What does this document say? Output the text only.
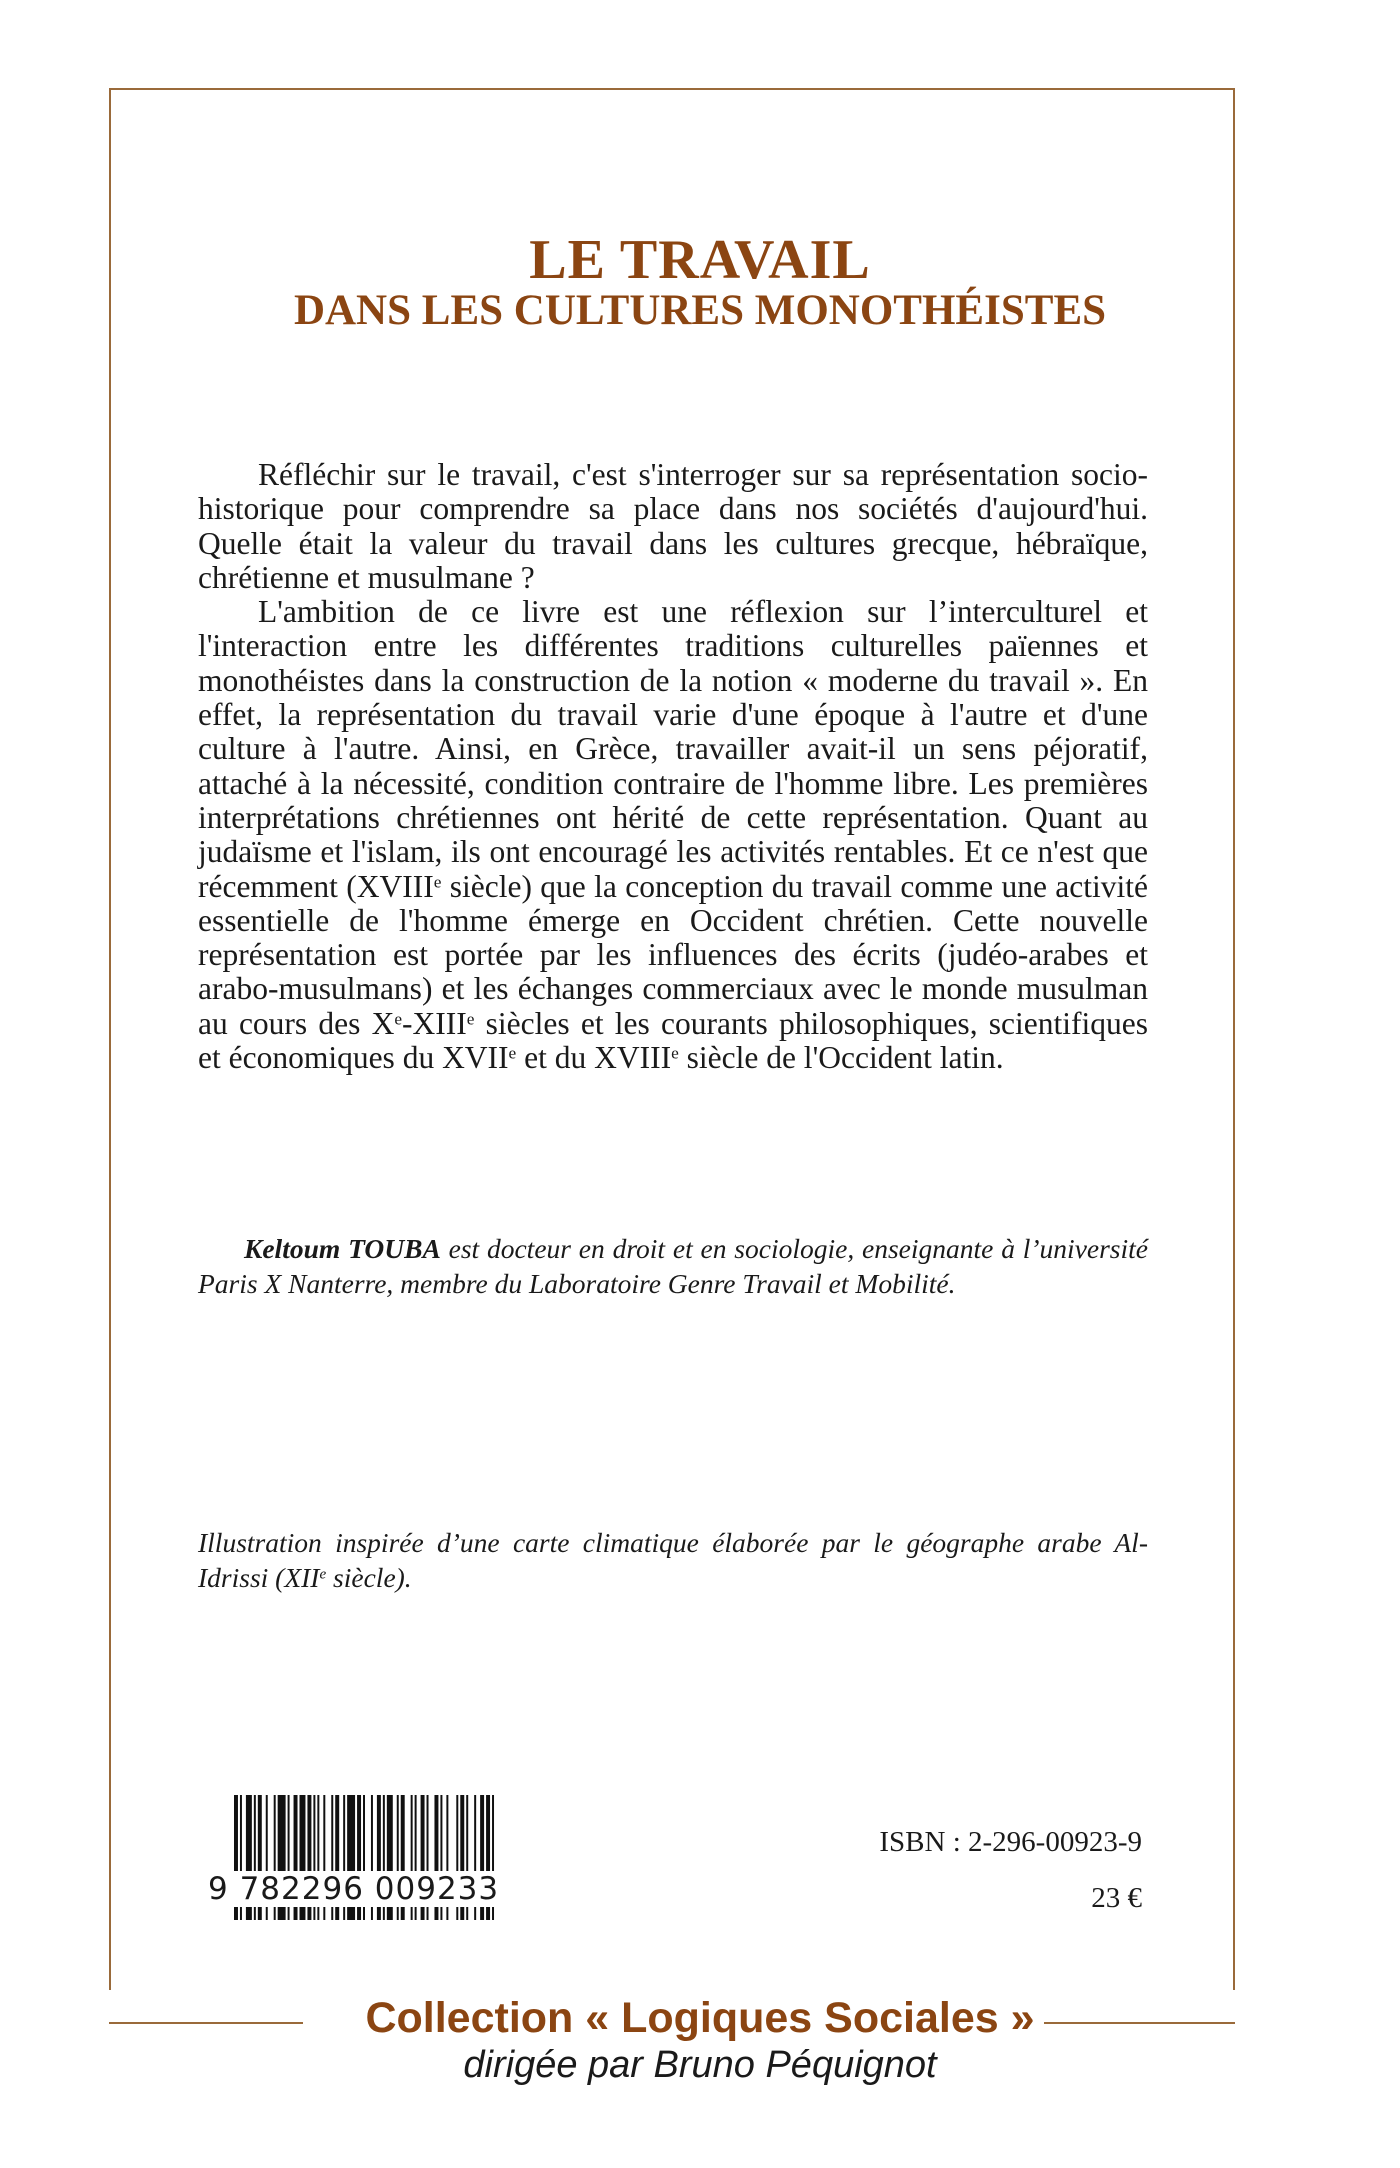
LE TRAVAIL
DANS LES CULTURES MONOTHÉISTES

Réfléchir sur le travail, c'est s'interroger sur sa représentation socio-historique pour comprendre sa place dans nos sociétés d'aujourd'hui. Quelle était la valeur du travail dans les cultures grecque, hébraïque, chrétienne et musulmane ?

L'ambition de ce livre est une réflexion sur l’interculturel et l'interaction entre les différentes traditions culturelles païennes et monothéistes dans la construction de la notion « moderne du travail ». En effet, la représentation du travail varie d'une époque à l'autre et d'une culture à l'autre. Ainsi, en Grèce, travailler avait-il un sens péjoratif, attaché à la nécessité, condition contraire de l'homme libre. Les premières interprétations chrétiennes ont hérité de cette représentation. Quant au judaïsme et l'islam, ils ont encouragé les activités rentables. Et ce n'est que récemment (XVIIIe siècle) que la conception du travail comme une activité essentielle de l'homme émerge en Occident chrétien. Cette nouvelle représentation est portée par les influences des écrits (judéo-arabes et arabo-musulmans) et les échanges commerciaux avec le monde musulman au cours des Xe-XIIIe siècles et les courants philosophiques, scientifiques et économiques du XVIIe et du XVIIIe siècle de l'Occident latin.

Keltoum TOUBA est docteur en droit et en sociologie, enseignante à l’université Paris X Nanterre, membre du Laboratoire Genre Travail et Mobilité.
Illustration inspirée d’une carte climatique élaborée par le géographe arabe Al-Idrissi (XIIe siècle).
9 782296 009233
ISBN : 2-296-00923-9
23 €
Collection « Logiques Sociales »
dirigée par Bruno Péquignot
